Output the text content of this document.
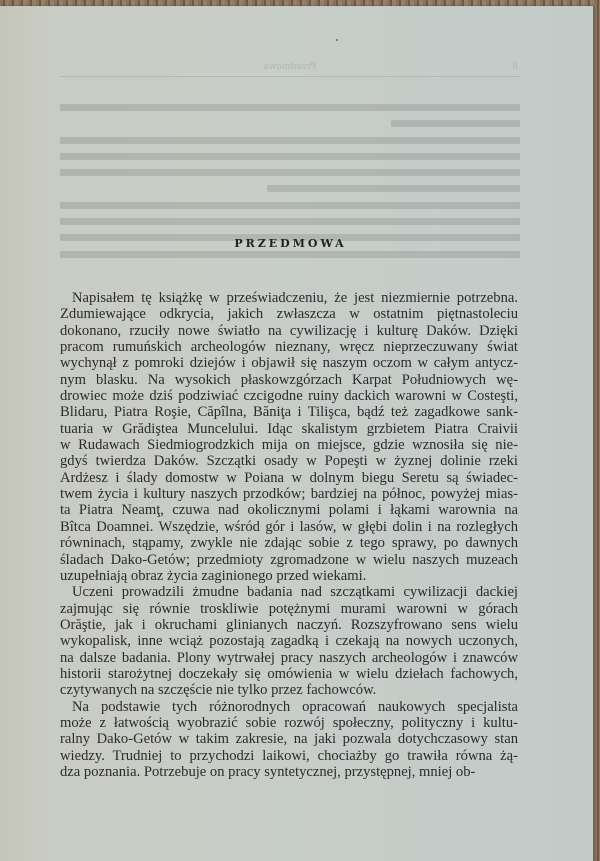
8
Przedmowa
PRZEDMOWA
Napisałem tę książkę w przeświadczeniu, że jest niezmiernie potrzebna.
Zdumiewające odkrycia, jakich zwłaszcza w ostatnim piętnastoleciu
dokonano, rzuciły nowe światło na cywilizację i kulturę Daków. Dzięki
pracom rumuńskich archeologów nieznany, wręcz nieprzeczuwany świat
wychynął z pomroki dziejów i objawił się naszym oczom w całym antycz-
nym blasku. Na wysokich płaskowzgórzach Karpat Południowych wę-
drowiec może dziś podziwiać czcigodne ruiny dackich warowni w Costeşti,
Blidaru, Piatra Roşie, Căpîlna, Băniţa i Tilişca, bądź też zagadkowe sank-
tuaria w Grădiştea Muncelului. Idąc skalistym grzbietem Piatra Craivii
w Rudawach Siedmiogrodzkich mija on miejsce, gdzie wznosiła się nie-
gdyś twierdza Daków. Szczątki osady w Popeşti w żyznej dolinie rzeki
Ardżesz i ślady domostw w Poiana w dolnym biegu Seretu są świadec-
twem życia i kultury naszych przodków; bardziej na północ, powyżej mias-
ta Piatra Neamţ, czuwa nad okolicznymi polami i łąkami warownia na
Bîtca Doamnei. Wszędzie, wśród gór i lasów, w głębi dolin i na rozległych
równinach, stąpamy, zwykle nie zdając sobie z tego sprawy, po dawnych
śladach Dako-Getów; przedmioty zgromadzone w wielu naszych muzeach
uzupełniają obraz życia zaginionego przed wiekami.
Uczeni prowadzili żmudne badania nad szczątkami cywilizacji dackiej
zajmując się równie troskliwie potężnymi murami warowni w górach
Orăştie, jak i okruchami glinianych naczyń. Rozszyfrowano sens wielu
wykopalisk, inne wciąż pozostają zagadką i czekają na nowych uczonych,
na dalsze badania. Plony wytrwałej pracy naszych archeologów i znawców
historii starożytnej doczekały się omówienia w wielu dziełach fachowych,
czytywanych na szczęście nie tylko przez fachowców.
Na podstawie tych różnorodnych opracowań naukowych specjalista
może z łatwością wyobrazić sobie rozwój społeczny, polityczny i kultu-
ralny Dako-Getów w takim zakresie, na jaki pozwala dotychczasowy stan
wiedzy. Trudniej to przychodzi laikowi, chociażby go trawiła równa żą-
dza poznania. Potrzebuje on pracy syntetycznej, przystępnej, mniej ob-
